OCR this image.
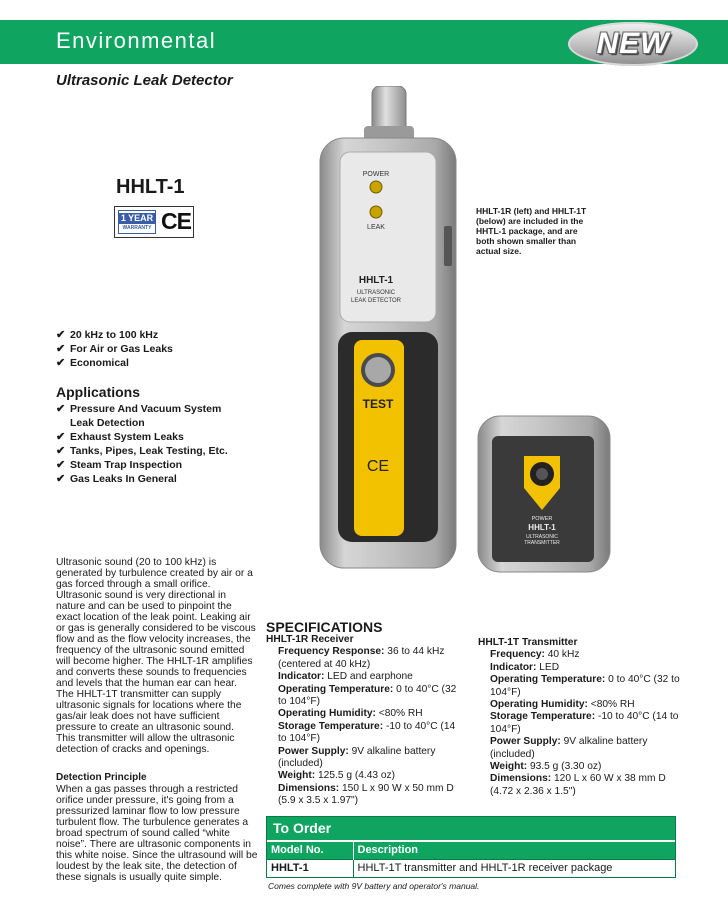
Environmental	NEW
Ultrasonic Leak Detector
HHLT-1
1 YEAR
WARRANTY CE	HHLT-1R (left) and HHLT-1T (below) are included in the HHTL-1 package, and are both shown smaller than actual size.
✔ 20 kHz to 100 kHz
✔ For Air or Gas Leaks
✔ Economical
Applications
✔ Pressure And Vacuum System Leak Detection
✔ Exhaust System Leaks
✔ Tanks, Pipes, Leak Testing, Etc.
✔ Steam Trap Inspection
✔ Gas Leaks In General
POWER
LEAK
HHLT-1
ULTRASONIC
LEAK DETECTOR
TEST
CE
POWER
HHLT-1
ULTRASONIC
TRANSMITTER
Ultrasonic sound (20 to 100 kHz) is generated by turbulence created by air or a gas forced through a small orifice. Ultrasonic sound is very directional in nature and can be used to pinpoint the exact location of the leak point. Leaking air or gas is generally considered to be viscous flow and as the flow velocity increases, the frequency of the ultrasonic sound emitted will become higher. The HHLT-1R amplifies and converts these sounds to frequencies and levels that the human ear can hear. The HHLT-1T transmitter can supply ultrasonic signals for locations where the gas/air leak does not have sufficient pressure to create an ultrasonic sound. This transmitter will allow the ultrasonic detection of cracks and openings.
Detection Principle
When a gas passes through a restricted orifice under pressure, it's going from a pressurized laminar flow to low pressure turbulent flow. The turbulence generates a broad spectrum of sound called “white noise”. There are ultrasonic components in this white noise. Since the ultrasound will be loudest by the leak site, the detection of these signals is usually quite simple.
SPECIFICATIONS
HHLT-1R Receiver
Frequency Response: 36 to 44 kHz (centered at 40 kHz)
Indicator: LED and earphone
Operating Temperature: 0 to 40°C (32 to 104°F)
Operating Humidity: <80% RH
Storage Temperature: -10 to 40°C (14 to 104°F)
Power Supply: 9V alkaline battery (included)
Weight: 125.5 g (4.43 oz)
Dimensions: 150 L x 90 W x 50 mm D (5.9 x 3.5 x 1.97")
HHLT-1T Transmitter
Frequency: 40 kHz
Indicator: LED
Operating Temperature: 0 to 40°C (32 to 104°F)
Operating Humidity: <80% RH
Storage Temperature: -10 to 40°C (14 to 104°F)
Power Supply: 9V alkaline battery (included)
Weight: 93.5 g (3.30 oz)
Dimensions: 120 L x 60 W x 38 mm D (4.72 x 2.36 x 1.5")
To Order
Model No.	Description
HHLT-1	HHLT-1T transmitter and HHLT-1R receiver package
Comes complete with 9V battery and operator's manual.
